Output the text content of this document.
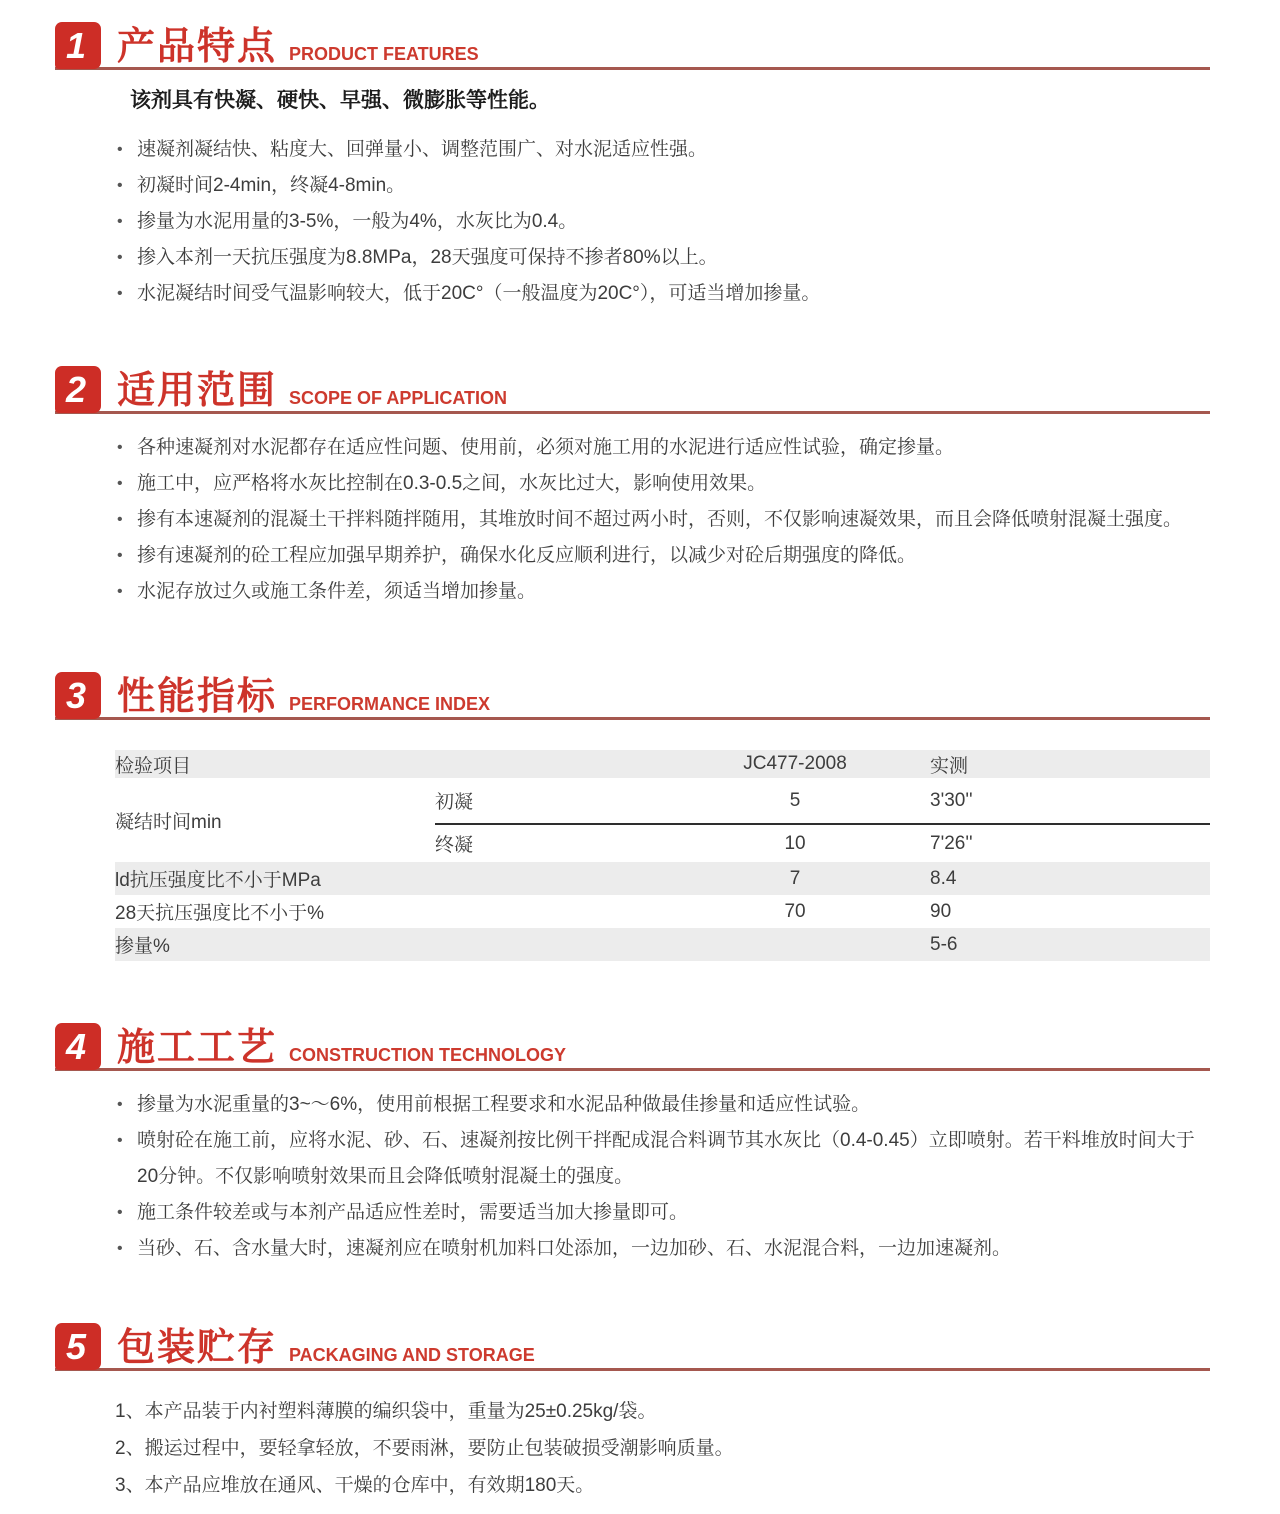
1 产品特点 PRODUCT FEATURES
该剂具有快凝、硬快、早强、微膨胀等性能。
• 速凝剂凝结快、粘度大、回弹量小、调整范围广、对水泥适应性强。
• 初凝时间2-4min，终凝4-8min。
• 掺量为水泥用量的3-5%，一般为4%，水灰比为0.4。
• 掺入本剂一天抗压强度为8.8MPa，28天强度可保持不掺者80%以上。
• 水泥凝结时间受气温影响较大，低于20C°（一般温度为20C°），可适当增加掺量。
2 适用范围 SCOPE OF APPLICATION
• 各种速凝剂对水泥都存在适应性问题、使用前，必须对施工用的水泥进行适应性试验，确定掺量。
• 施工中，应严格将水灰比控制在0.3-0.5之间，水灰比过大，影响使用效果。
• 掺有本速凝剂的混凝土干拌料随拌随用，其堆放时间不超过两小时，否则，不仅影响速凝效果，而且会降低喷射混凝土强度。
• 掺有速凝剂的砼工程应加强早期养护，确保水化反应顺利进行，以减少对砼后期强度的降低。
• 水泥存放过久或施工条件差，须适当增加掺量。
3 性能指标 PERFORMANCE INDEX
检验项目		JC477-2008	实测
凝结时间min	初凝	5	3'30''
	终凝	10	7'26''
ld抗压强度比不小于MPa		7	8.4
28天抗压强度比不小于%		70	90
掺量%			5-6
4 施工工艺 CONSTRUCTION TECHNOLOGY
• 掺量为水泥重量的3~～6%，使用前根据工程要求和水泥品种做最佳掺量和适应性试验。
• 喷射砼在施工前，应将水泥、砂、石、速凝剂按比例干拌配成混合料调节其水灰比（0.4-0.45）立即喷射。若干料堆放时间大于20分钟。不仅影响喷射效果而且会降低喷射混凝土的强度。
• 施工条件较差或与本剂产品适应性差时，需要适当加大掺量即可。
• 当砂、石、含水量大时，速凝剂应在喷射机加料口处添加，一边加砂、石、水泥混合料，一边加速凝剂。
5 包装贮存 PACKAGING AND STORAGE
1、本产品装于内衬塑料薄膜的编织袋中，重量为25±0.25kg/袋。
2、搬运过程中，要轻拿轻放，不要雨淋，要防止包装破损受潮影响质量。
3、本产品应堆放在通风、干燥的仓库中，有效期180天。
